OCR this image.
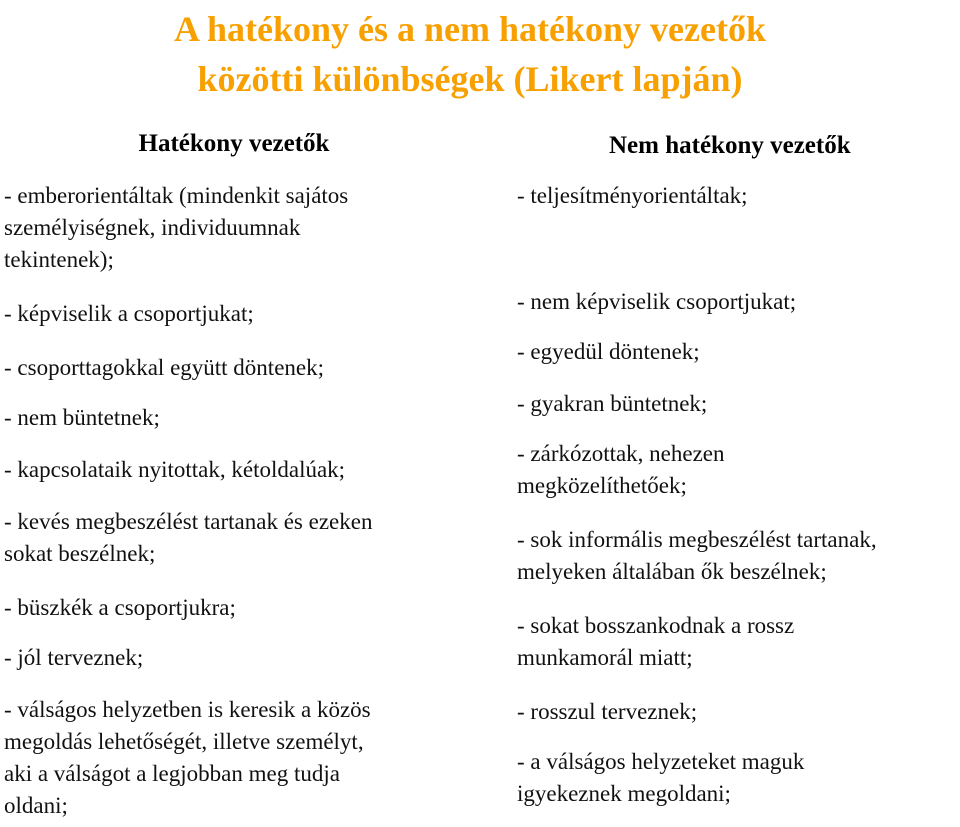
A hatékony és a nem hatékony vezetők
közötti különbségek (Likert lapján)
Hatékony vezetők
- emberorientáltak (mindenkit sajátos
személyiségnek, individuumnak
tekintenek);
- képviselik a csoportjukat;
- csoporttagokkal együtt döntenek;
- nem büntetnek;
- kapcsolataik nyitottak, kétoldalúak;
- kevés megbeszélést tartanak és ezeken
sokat beszélnek;
- büszkék a csoportjukra;
- jól terveznek;
- válságos helyzetben is keresik a közös
megoldás lehetőségét, illetve személyt,
aki a válságot a legjobban meg tudja
oldani;
Nem hatékony vezetők
- teljesítményorientáltak;
- nem képviselik csoportjukat;
- egyedül döntenek;
- gyakran büntetnek;
- zárkózottak, nehezen
megközelíthetőek;
- sok informális megbeszélést tartanak,
melyeken általában ők beszélnek;
- sokat bosszankodnak a rossz
munkamorál miatt;
- rosszul terveznek;
- a válságos helyzeteket maguk
igyekeznek megoldani;
